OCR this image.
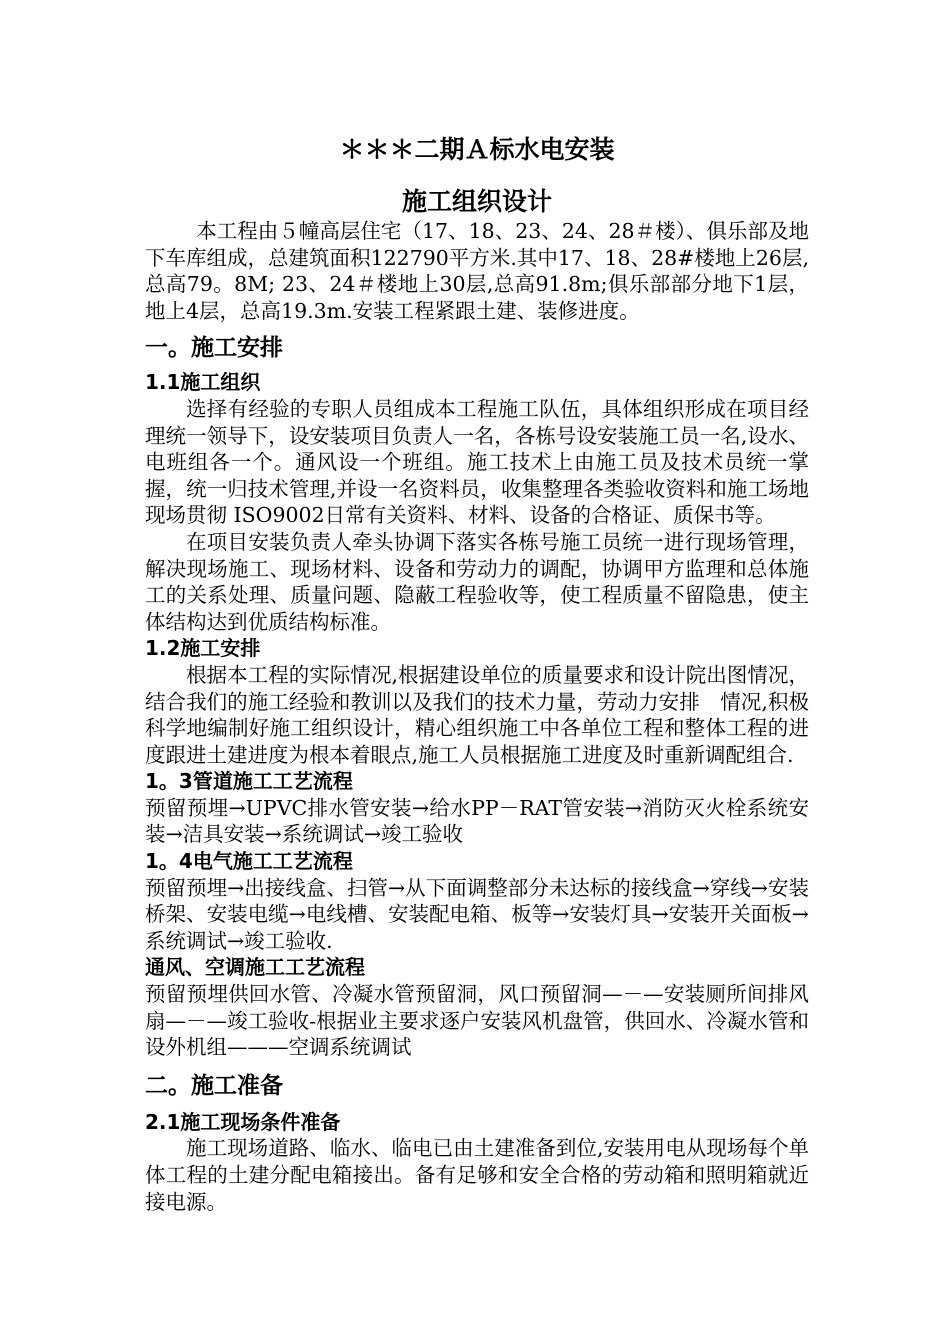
＊＊＊二期Ａ标水电安装
施工组织设计

本工程由５幢高层住宅（17、18、23、24、28＃楼）、俱乐部及地下车库组成，总建筑面积122790平方米.其中17、18、28#楼地上26层,总高79。8M; 23、24＃楼地上30层,总高91.8m;俱乐部部分地下1层，地上4层，总高19.3m.安装工程紧跟土建、装修进度。

一。施工安排
1.1施工组织

选择有经验的专职人员组成本工程施工队伍，具体组织形成在项目经理统一领导下，设安装项目负责人一名，各栋号设安装施工员一名,设水、电班组各一个。通风设一个班组。施工技术上由施工员及技术员统一掌握，统一归技术管理,并设一名资料员，收集整理各类验收资料和施工场地现场贯彻 ISO9002日常有关资料、材料、设备的合格证、质保书等。

在项目安装负责人牵头协调下落实各栋号施工员统一进行现场管理，解决现场施工、现场材料、设备和劳动力的调配，协调甲方监理和总体施工的关系处理、质量问题、隐蔽工程验收等，使工程质量不留隐患，使主体结构达到优质结构标准。

1.2施工安排

根据本工程的实际情况,根据建设单位的质量要求和设计院出图情况，结合我们的施工经验和教训以及我们的技术力量，劳动力安排　情况,积极科学地编制好施工组织设计，精心组织施工中各单位工程和整体工程的进度跟进土建进度为根本着眼点,施工人员根据施工进度及时重新调配组合.

1。3管道施工工艺流程

预留预埋→UPVC排水管安装→给水PP－RAT管安装→消防灭火栓系统安装→洁具安装→系统调试→竣工验收

1。4电气施工工艺流程

预留预埋→出接线盒、扫管→从下面调整部分未达标的接线盒→穿线→安装桥架、安装电缆→电线槽、安装配电箱、板等→安装灯具→安装开关面板→系统调试→竣工验收.

通风、空调施工工艺流程

预留预埋供回水管、冷凝水管预留洞，风口预留洞—－—安装厕所间排风扇—－—竣工验收-根据业主要求逐户安装风机盘管，供回水、冷凝水管和设外机组———空调系统调试

二。施工准备
2.1施工现场条件准备

施工现场道路、临水、临电已由土建准备到位,安装用电从现场每个单体工程的土建分配电箱接出。备有足够和安全合格的劳动箱和照明箱就近接电源。
